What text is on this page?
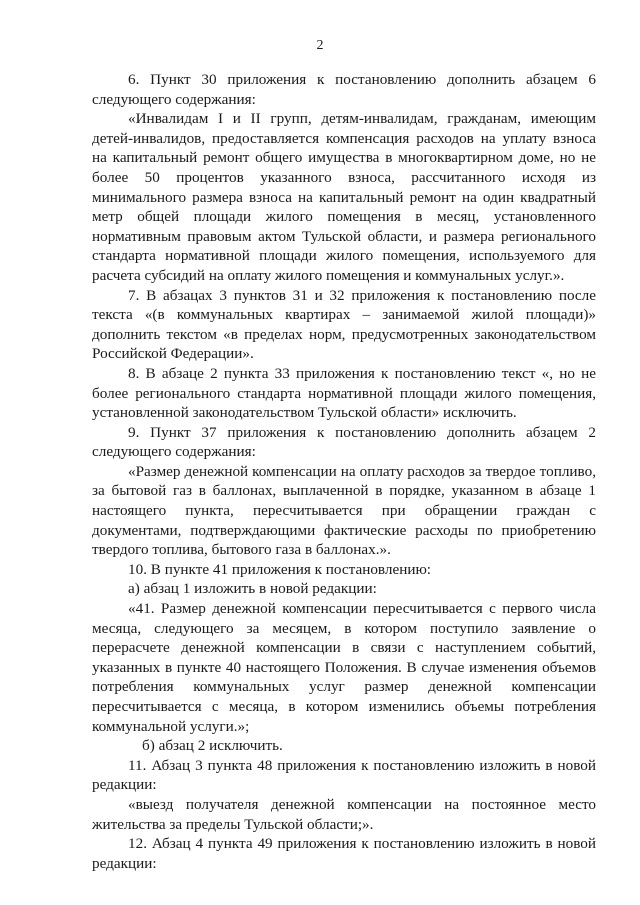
2

6. Пункт 30 приложения к постановлению дополнить абзацем 6 следующего содержания:

«Инвалидам I и II групп, детям-инвалидам, гражданам, имеющим детей-инвалидов, предоставляется компенсация расходов на уплату взноса на капитальный ремонт общего имущества в многоквартирном доме, но не более 50 процентов указанного взноса, рассчитанного исходя из минимального размера взноса на капитальный ремонт на один квадратный метр общей площади жилого помещения в месяц, установленного нормативным правовым актом Тульской области, и размера регионального стандарта нормативной площади жилого помещения, используемого для расчета субсидий на оплату жилого помещения и коммунальных услуг.».

7. В абзацах 3 пунктов 31 и 32 приложения к постановлению после текста «(в коммунальных квартирах – занимаемой жилой площади)» дополнить текстом «в пределах норм, предусмотренных законодательством Российской Федерации».

8. В абзаце 2 пункта 33 приложения к постановлению текст «, но не более регионального стандарта нормативной площади жилого помещения, установленной законодательством Тульской области» исключить.

9. Пункт 37 приложения к постановлению дополнить абзацем 2 следующего содержания:

«Размер денежной компенсации на оплату расходов за твердое топливо, за бытовой газ в баллонах, выплаченной в порядке, указанном в абзаце 1 настоящего пункта, пересчитывается при обращении граждан с документами, подтверждающими фактические расходы по приобретению твердого топлива, бытового газа в баллонах.».

10. В пункте 41 приложения к постановлению:

а) абзац 1 изложить в новой редакции:

«41. Размер денежной компенсации пересчитывается с первого числа месяца, следующего за месяцем, в котором поступило заявление о перерасчете денежной компенсации в связи с наступлением событий, указанных в пункте 40 настоящего Положения. В случае изменения объемов потребления коммунальных услуг размер денежной компенсации пересчитывается с месяца, в котором изменились объемы потребления коммунальной услуги.»;

б) абзац 2 исключить.

11. Абзац 3 пункта 48 приложения к постановлению изложить в новой редакции:

«выезд получателя денежной компенсации на постоянное место жительства за пределы Тульской области;».

12. Абзац 4 пункта 49 приложения к постановлению изложить в новой редакции:
